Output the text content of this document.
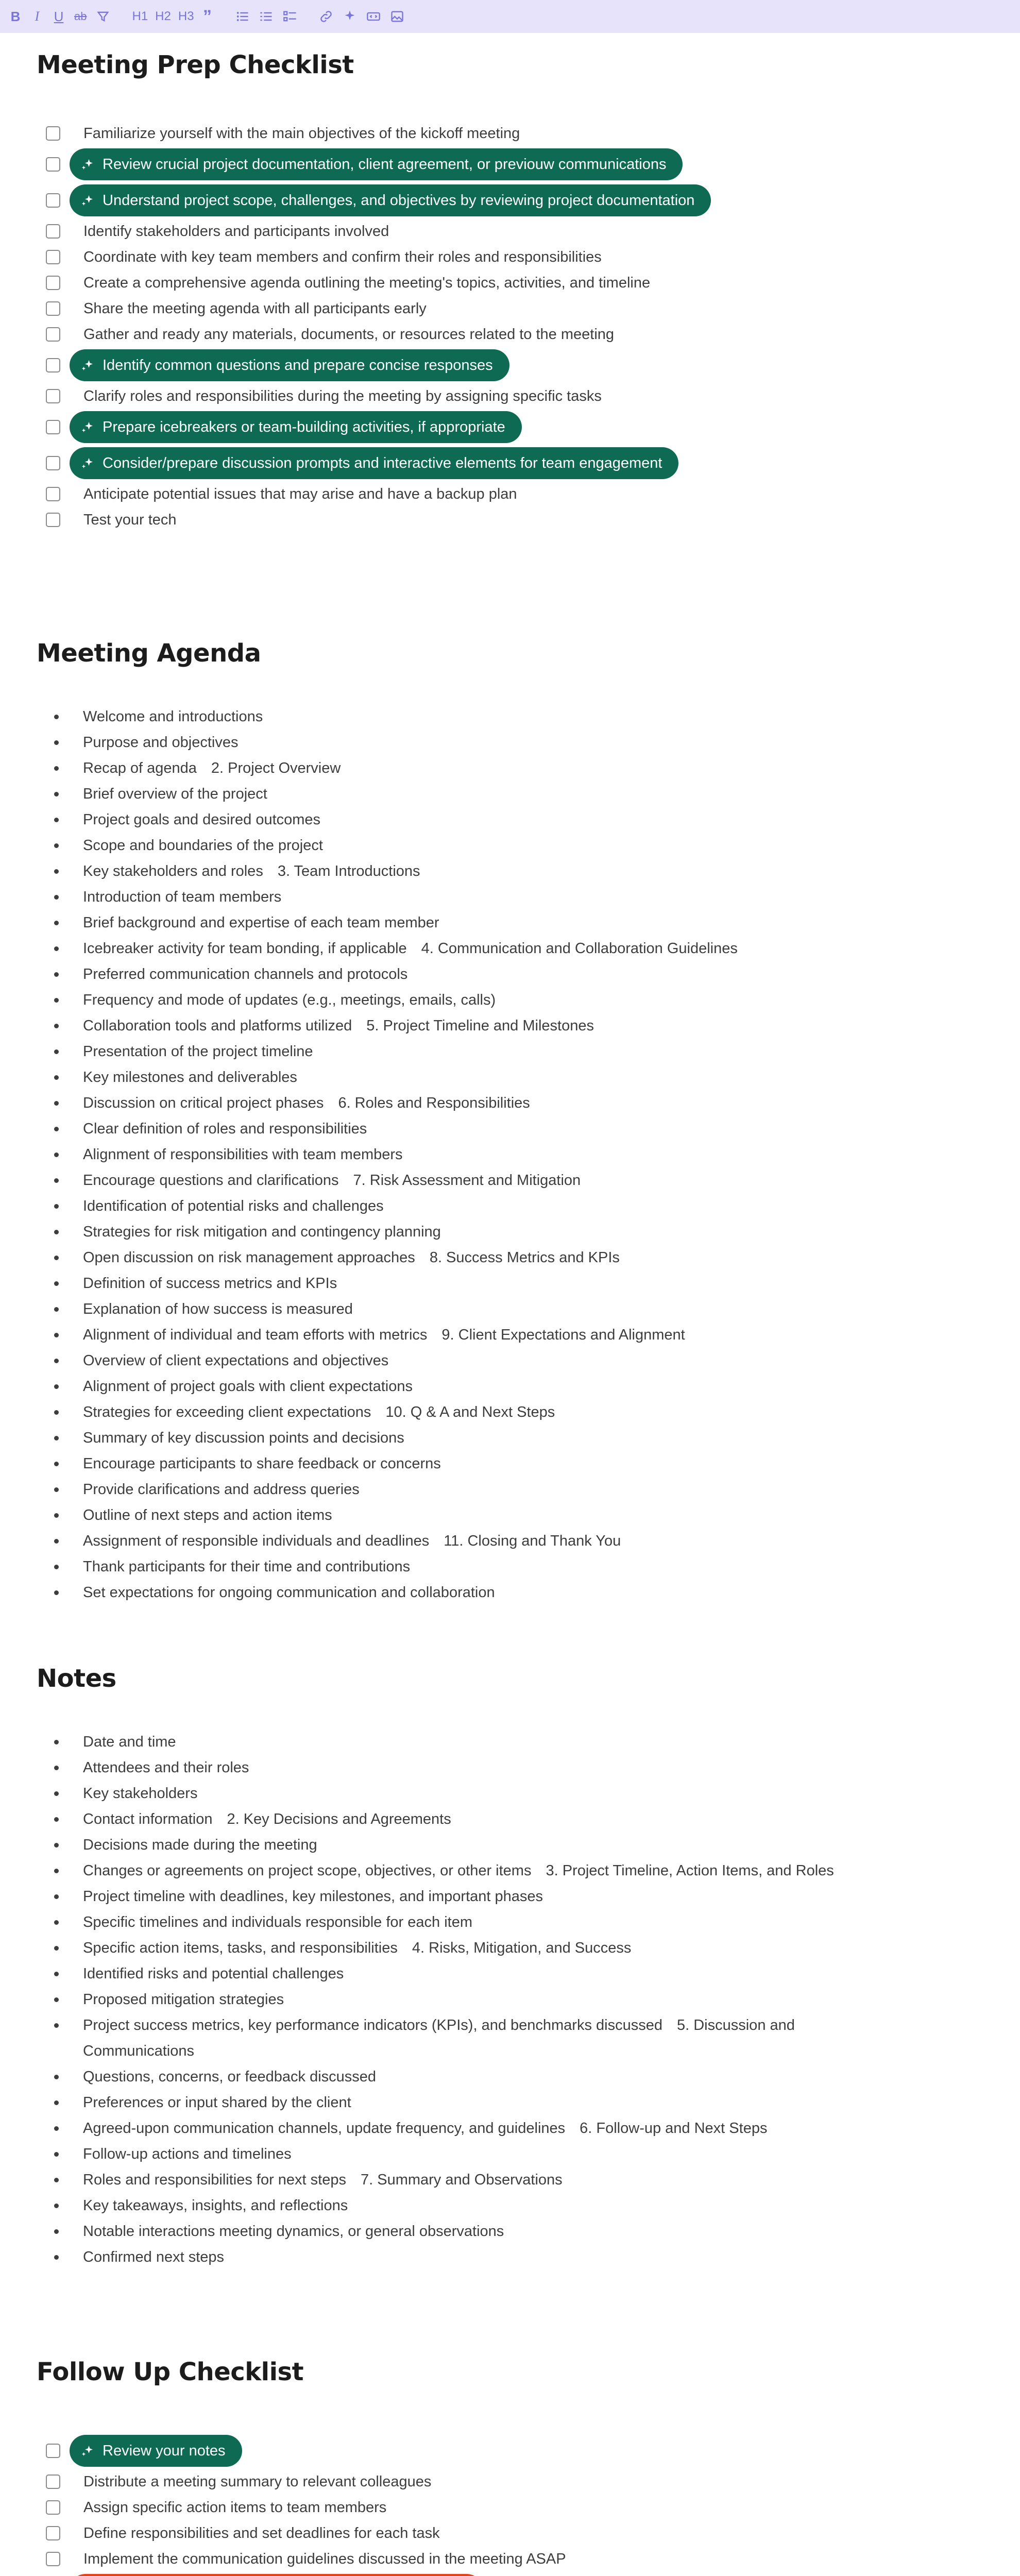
B I U ab	H1 H2 H3 ”
Meeting Prep Checklist
Familiarize yourself with the main objectives of the kickoff meeting
Review crucial project documentation, client agreement, or previouw communications
Understand project scope, challenges, and objectives by reviewing project documentation
Identify stakeholders and participants involved
Coordinate with key team members and confirm their roles and responsibilities
Create a comprehensive agenda outlining the meeting's topics, activities, and timeline
Share the meeting agenda with all participants early
Gather and ready any materials, documents, or resources related to the meeting
Identify common questions and prepare concise responses
Clarify roles and responsibilities during the meeting by assigning specific tasks
Prepare icebreakers or team-building activities, if appropriate
Consider/prepare discussion prompts and interactive elements for team engagement
Anticipate potential issues that may arise and have a backup plan
Test your tech
Meeting Agenda
Welcome and introductions
Purpose and objectives
Recap of agenda 2. Project Overview
Brief overview of the project
Project goals and desired outcomes
Scope and boundaries of the project
Key stakeholders and roles 3. Team Introductions
Introduction of team members
Brief background and expertise of each team member
Icebreaker activity for team bonding, if applicable 4. Communication and Collaboration Guidelines
Preferred communication channels and protocols
Frequency and mode of updates (e.g., meetings, emails, calls)
Collaboration tools and platforms utilized 5. Project Timeline and Milestones
Presentation of the project timeline
Key milestones and deliverables
Discussion on critical project phases 6. Roles and Responsibilities
Clear definition of roles and responsibilities
Alignment of responsibilities with team members
Encourage questions and clarifications 7. Risk Assessment and Mitigation
Identification of potential risks and challenges
Strategies for risk mitigation and contingency planning
Open discussion on risk management approaches 8. Success Metrics and KPIs
Definition of success metrics and KPIs
Explanation of how success is measured
Alignment of individual and team efforts with metrics 9. Client Expectations and Alignment
Overview of client expectations and objectives
Alignment of project goals with client expectations
Strategies for exceeding client expectations 10. Q & A and Next Steps
Summary of key discussion points and decisions
Encourage participants to share feedback or concerns
Provide clarifications and address queries
Outline of next steps and action items
Assignment of responsible individuals and deadlines 11. Closing and Thank You
Thank participants for their time and contributions
Set expectations for ongoing communication and collaboration
Notes
Date and time
Attendees and their roles
Key stakeholders
Contact information 2. Key Decisions and Agreements
Decisions made during the meeting
Changes or agreements on project scope, objectives, or other items 3. Project Timeline, Action Items, and Roles
Project timeline with deadlines, key milestones, and important phases
Specific timelines and individuals responsible for each item
Specific action items, tasks, and responsibilities 4. Risks, Mitigation, and Success
Identified risks and potential challenges
Proposed mitigation strategies
Project success metrics, key performance indicators (KPIs), and benchmarks discussed 5. Discussion and Communications
Questions, concerns, or feedback discussed
Preferences or input shared by the client
Agreed-upon communication channels, update frequency, and guidelines 6. Follow-up and Next Steps
Follow-up actions and timelines
Roles and responsibilities for next steps 7. Summary and Observations
Key takeaways, insights, and reflections
Notable interactions meeting dynamics, or general observations
Confirmed next steps
Follow Up Checklist
Review your notes
Distribute a meeting summary to relevant colleagues
Assign specific action items to team members
Define responsibilities and set deadlines for each task
Implement the communication guidelines discussed in the meeting ASAP
